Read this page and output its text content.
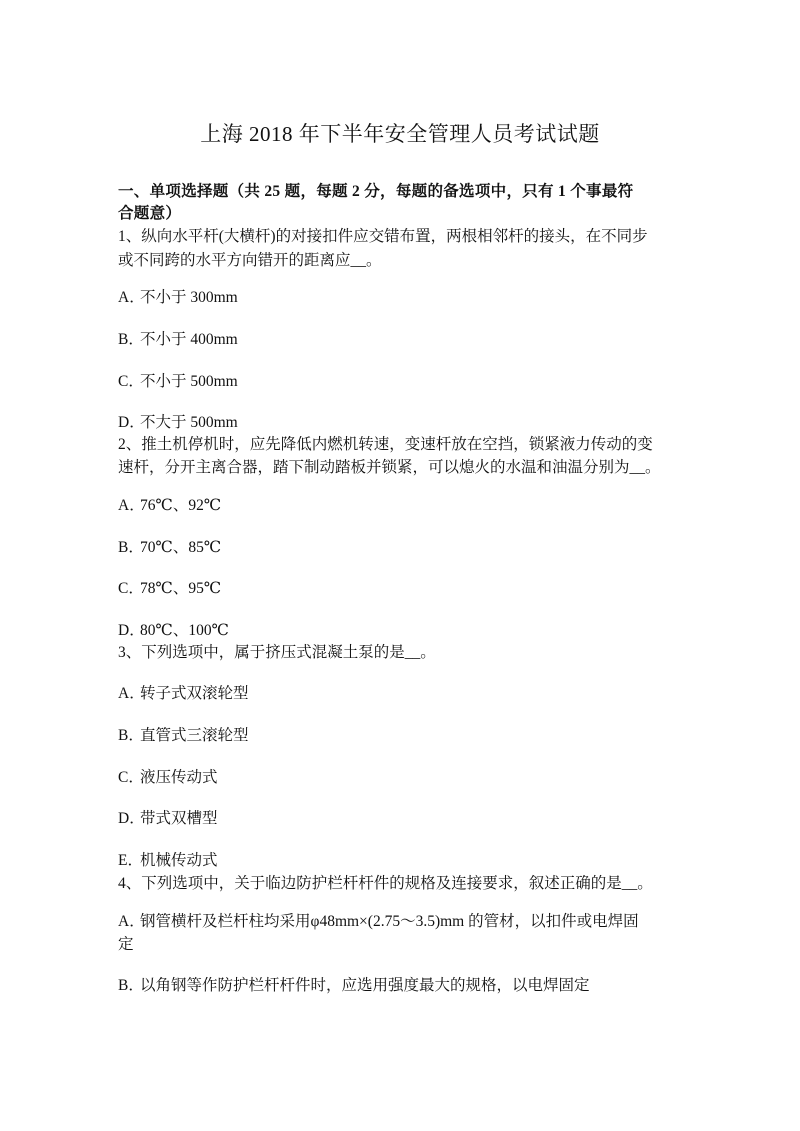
上海 2018 年下半年安全管理人员考试试题
一、单项选择题（共 25 题，每题 2 分，每题的备选项中，只有 1 个事最符
合题意）
1、纵向水平杆(大横杆)的对接扣件应交错布置，两根相邻杆的接头，在不同步
或不同跨的水平方向错开的距离应__。
A．不小于 300mm
B．不小于 400mm
C．不小于 500mm
D．不大于 500mm
2、推土机停机时，应先降低内燃机转速，变速杆放在空挡，锁紧液力传动的变
速杆，分开主离合器，踏下制动踏板并锁紧，可以熄火的水温和油温分别为__。
A．76℃、92℃
B．70℃、85℃
C．78℃、95℃
D．80℃、100℃
3、下列选项中，属于挤压式混凝土泵的是__。
A．转子式双滚轮型
B．直管式三滚轮型
C．液压传动式
D．带式双槽型
E．机械传动式
4、下列选项中，关于临边防护栏杆杆件的规格及连接要求，叙述正确的是__。
A．钢管横杆及栏杆柱均采用φ48mm×(2.75～3.5)mm 的管材，以扣件或电焊固
定
B．以角钢等作防护栏杆杆件时，应选用强度最大的规格，以电焊固定
